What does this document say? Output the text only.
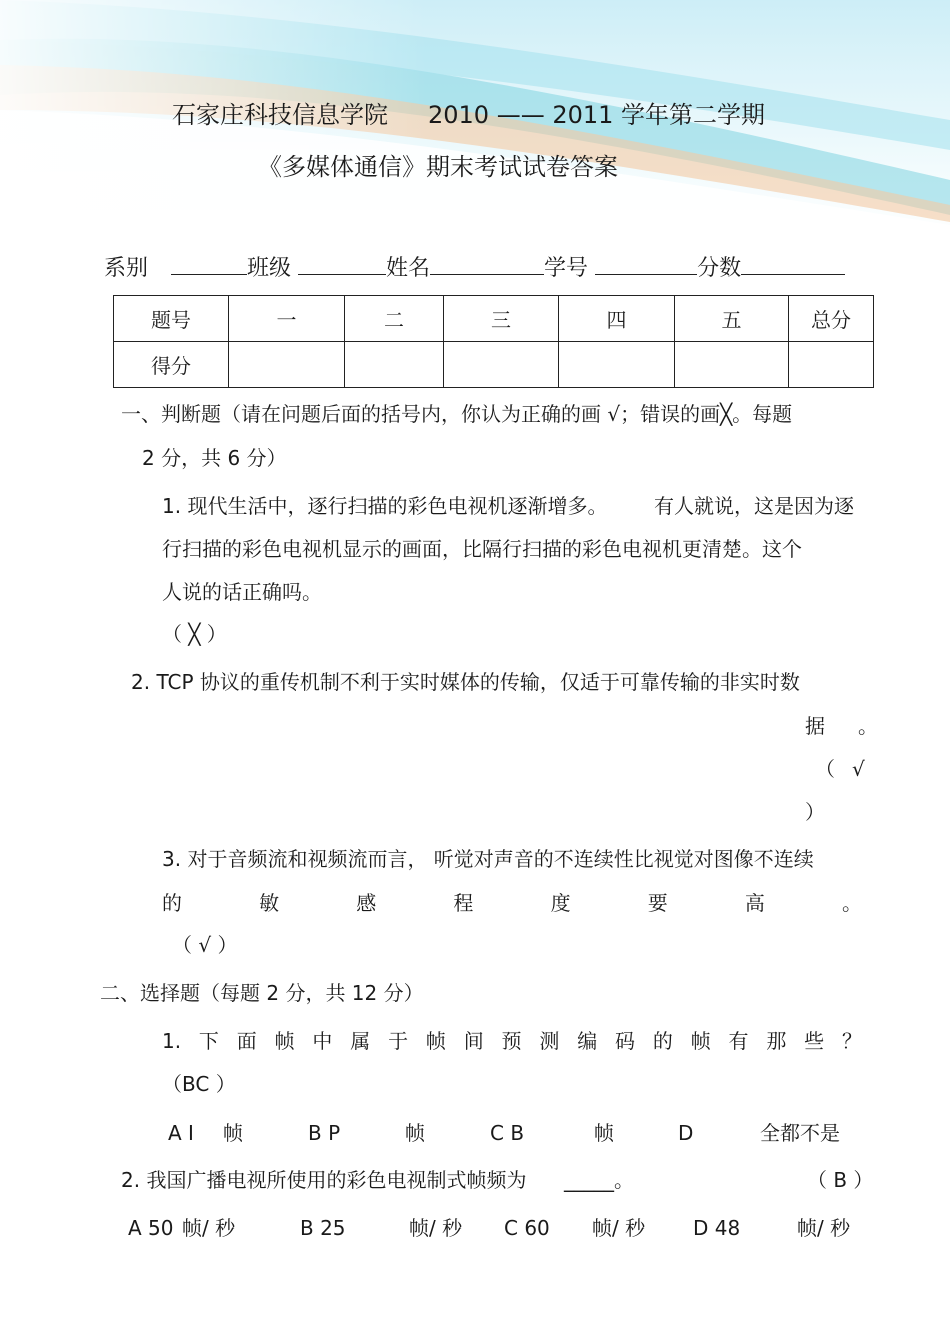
石家庄科技信息学院 2010 —— 2011 学年第二学期
《多媒体通信》期末考试试卷答案
系别	班级	姓名	学号	分数
题号	一	二	三	四	五	总分
得分						
一、判断题（请在问题后面的括号内，你认为正确的画 √；错误的画╳。每题
2 分，共 6 分）
1. 现代生活中，逐行扫描的彩色电视机逐渐增多。 有人就说，这是因为逐
行扫描的彩色电视机显示的画面，比隔行扫描的彩色电视机更清楚。这个
人说的话正确吗。
（ ╳ ）
2. TCP 协议的重传机制不利于实时媒体的传输，仅适于可靠传输的非实时数
据 。
（ √
）
3. 对于音频流和视频流而言， 听觉对声音的不连续性比视觉对图像不连续
的	敏	感	程	度	要	高	。
（ √ ）
二、选择题（每题 2 分，共 12 分）
1. 下 面 帧 中 属 于 帧 间 预 测 编 码 的 帧 有 那 些 ？
（BC ）
A I 帧	B P	帧	C B	帧	D	全都不是
2. 我国广播电视所使用的彩色电视制式帧频为 _____。	（ B ）
A 50 帧/ 秒	B 25	帧/ 秒 C 60 帧/ 秒 D 48	帧/ 秒
